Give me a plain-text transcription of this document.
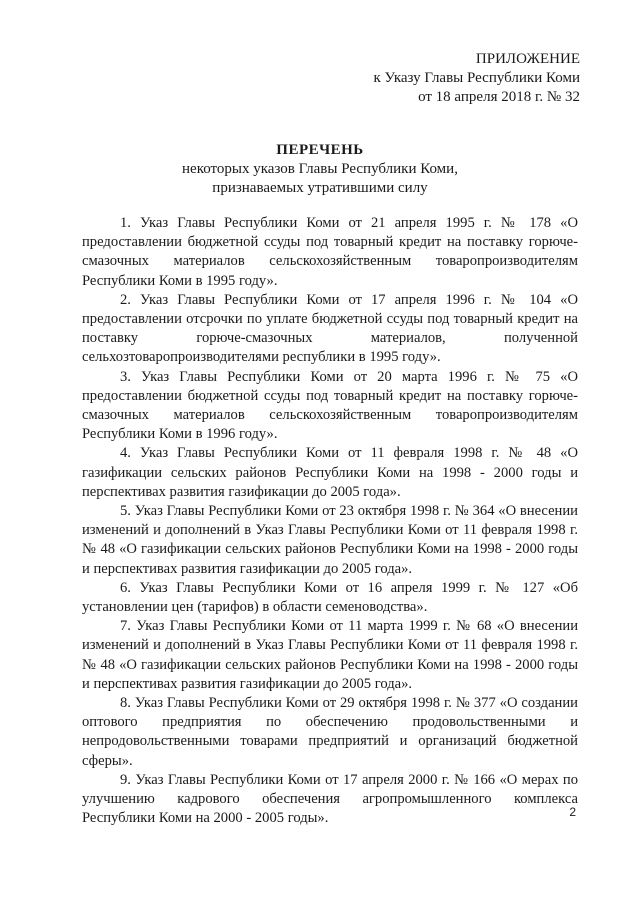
ПРИЛОЖЕНИЕ
к Указу Главы Республики Коми
от 18 апреля 2018 г. № 32
ПЕРЕЧЕНЬ
некоторых указов Главы Республики Коми,
признаваемых утратившими силу

1. Указ Главы Республики Коми от 21 апреля 1995 г. № 178 «О предоставлении бюджетной ссуды под товарный кредит на поставку горюче-смазочных материалов сельскохозяйственным товаропроизводителям Республики Коми в 1995 году».

2. Указ Главы Республики Коми от 17 апреля 1996 г. № 104 «О предоставлении отсрочки по уплате бюджетной ссуды под товарный кредит на поставку горюче-смазочных материалов, полученной сельхозтоваропроизводителями республики в 1995 году».

3. Указ Главы Республики Коми от 20 марта 1996 г. № 75 «О предоставлении бюджетной ссуды под товарный кредит на поставку горюче-смазочных материалов сельскохозяйственным товаропроизводителям Республики Коми в 1996 году».

4. Указ Главы Республики Коми от 11 февраля 1998 г. № 48 «О газификации сельских районов Республики Коми на 1998 - 2000 годы и перспективах развития газификации до 2005 года».

5. Указ Главы Республики Коми от 23 октября 1998 г. № 364 «О внесении изменений и дополнений в Указ Главы Республики Коми от 11 февраля 1998 г. № 48 «О газификации сельских районов Республики Коми на 1998 - 2000 годы и перспективах развития газификации до 2005 года».

6. Указ Главы Республики Коми от 16 апреля 1999 г. № 127 «Об установлении цен (тарифов) в области семеноводства».

7. Указ Главы Республики Коми от 11 марта 1999 г. № 68 «О внесении изменений и дополнений в Указ Главы Республики Коми от 11 февраля 1998 г. № 48 «О газификации сельских районов Республики Коми на 1998 - 2000 годы и перспективах развития газификации до 2005 года».

8. Указ Главы Республики Коми от 29 октября 1998 г. № 377 «О создании оптового предприятия по обеспечению продовольственными и непродовольственными товарами предприятий и организаций бюджетной сферы».

9. Указ Главы Республики Коми от 17 апреля 2000 г. № 166 «О мерах по улучшению кадрового обеспечения агропромышленного комплекса Республики Коми на 2000 - 2005 годы».	2
